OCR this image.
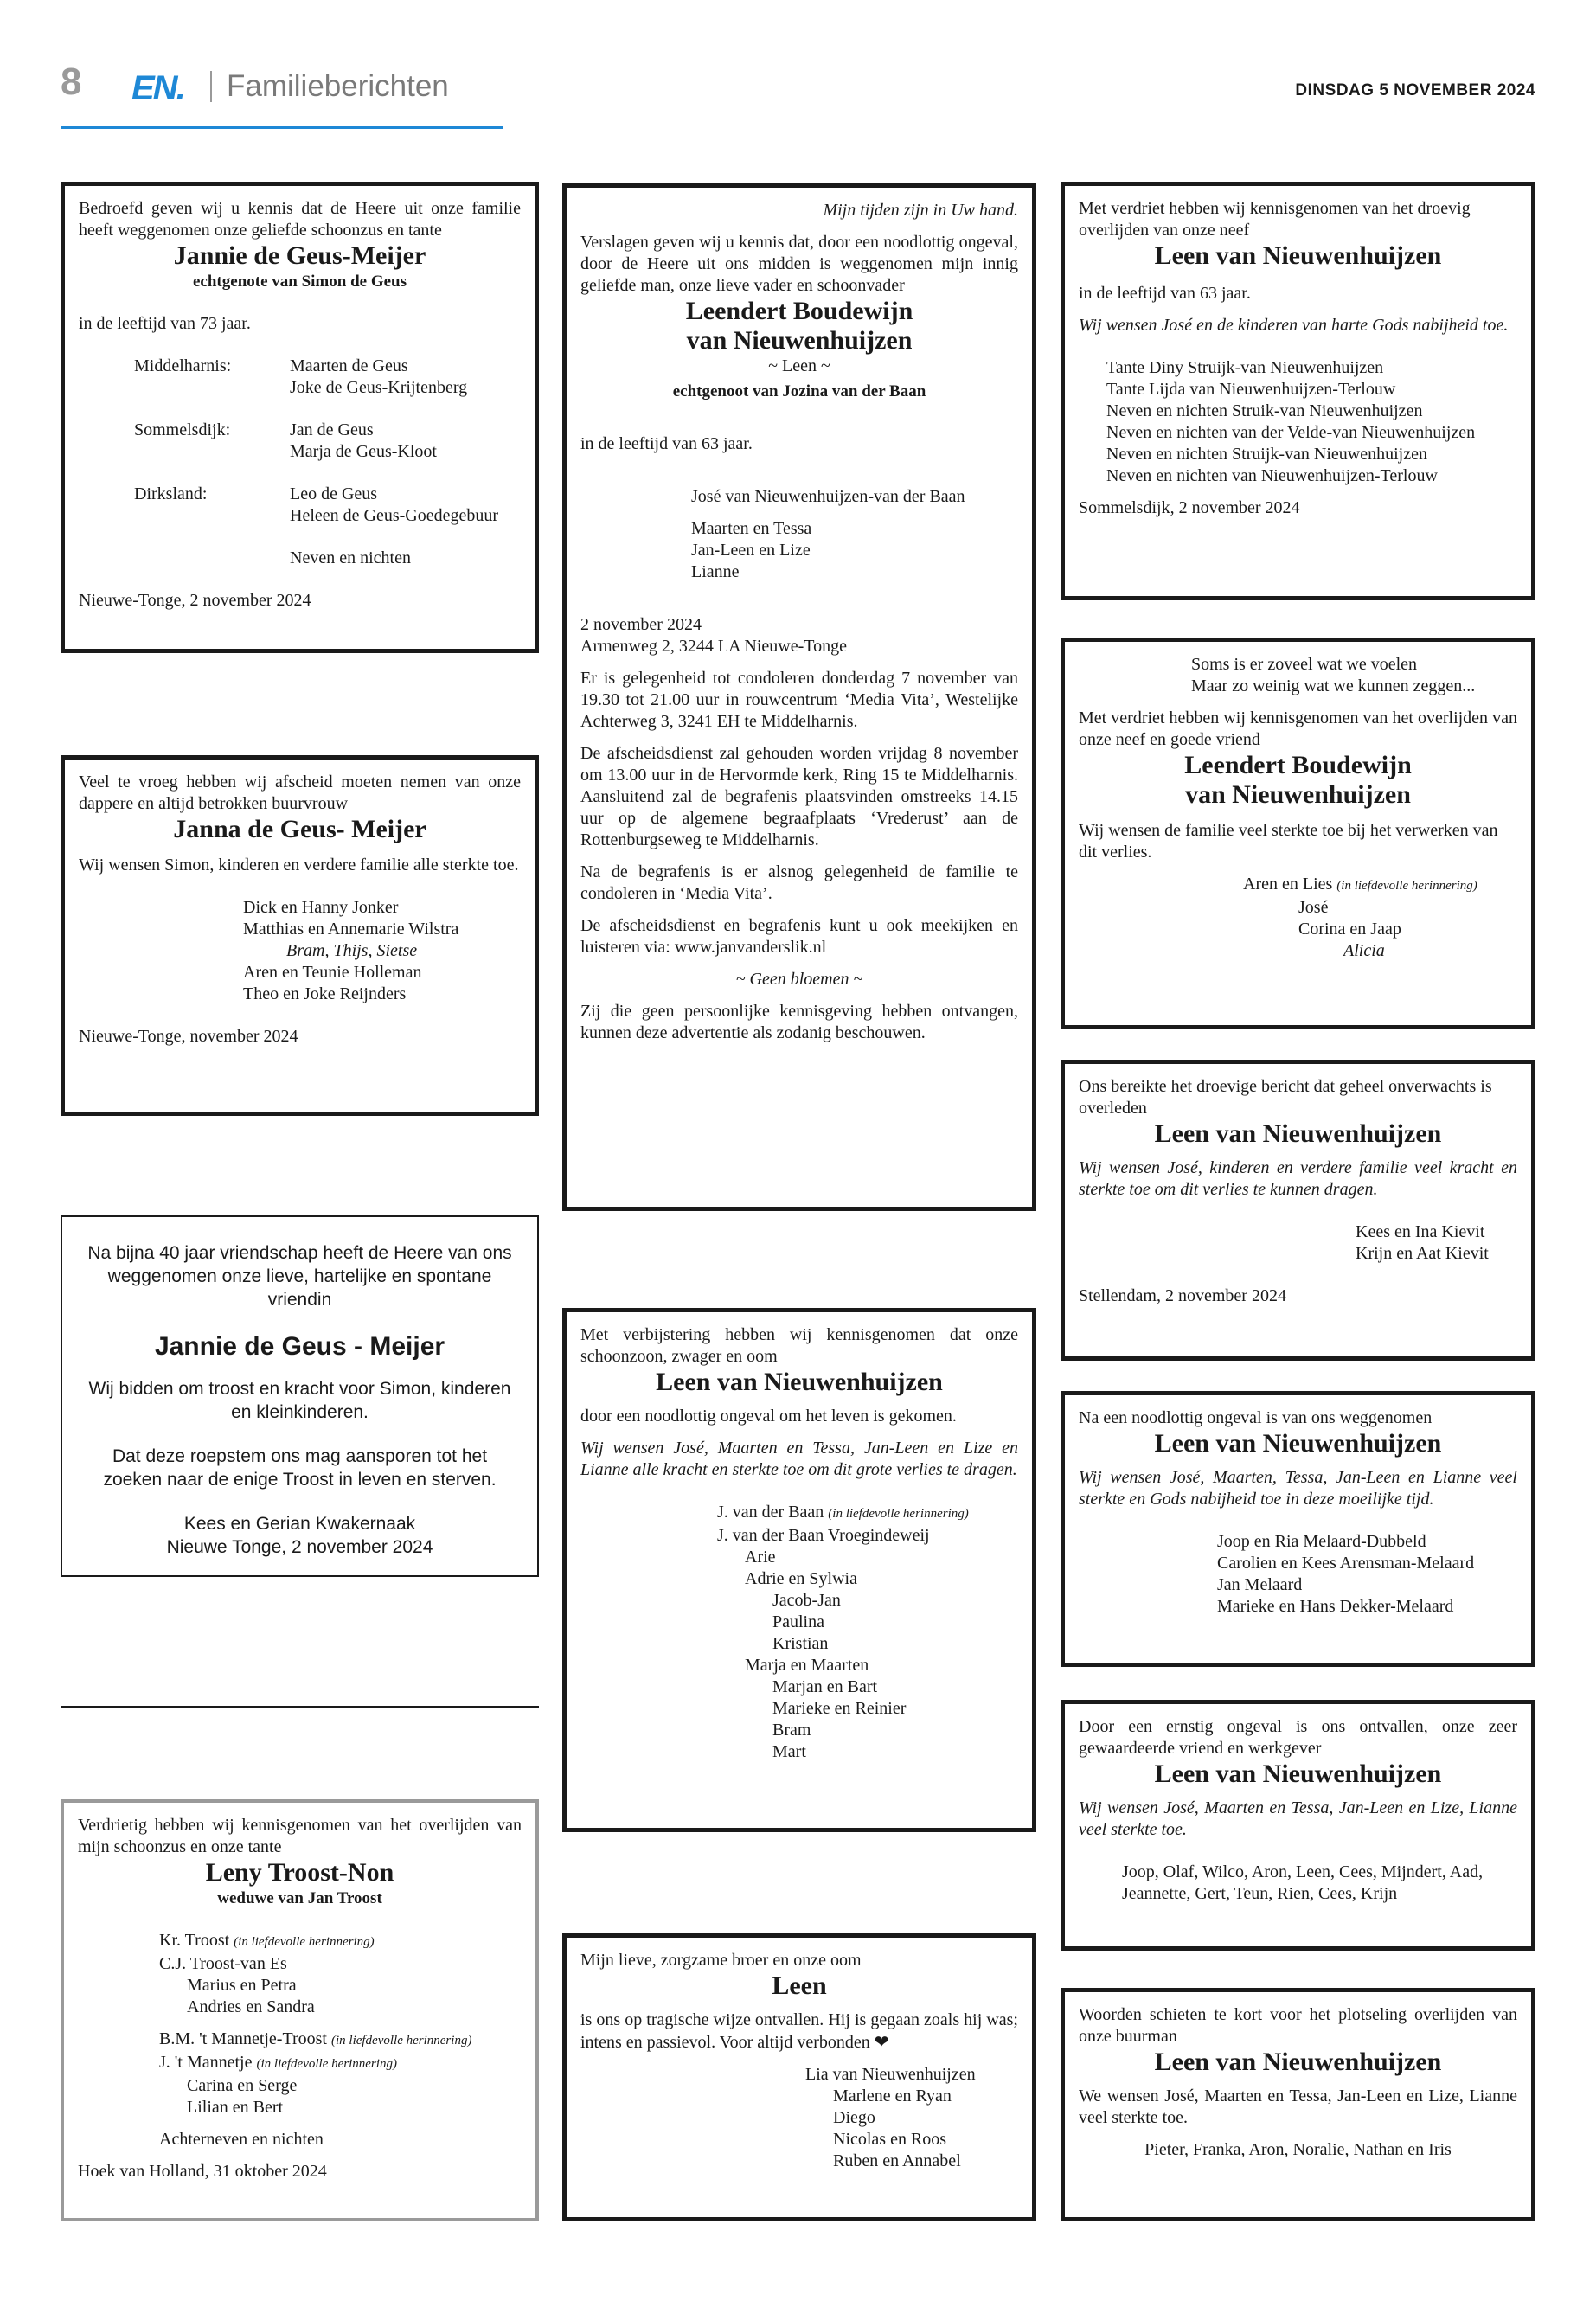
8 EN. Familieberichten	DINSDAG 5 NOVEMBER 2024

Bedroefd geven wij u kennis dat de Heere uit onze familie heeft weggenomen onze geliefde schoonzus en tante

Jannie de Geus-Meijer

echtgenote van Simon de Geus

in de leeftijd van 73 jaar.

Middelharnis:	Maarten de Geus
Joke de Geus-Krijtenberg
Sommelsdijk:	Jan de Geus
Marja de Geus-Kloot
Dirksland:	Leo de Geus
Heleen de Geus-Goedegebuur
Neven en nichten

Nieuwe-Tonge, 2 november 2024

Veel te vroeg hebben wij afscheid moeten nemen van onze dappere en altijd betrokken buurvrouw

Janna de Geus- Meijer

Wij wensen Simon, kinderen en verdere familie alle sterkte toe.

Dick en Hanny Jonker

Matthias en Annemarie Wilstra

Bram, Thijs, Sietse

Aren en Teunie Holleman

Theo en Joke Reijnders

Nieuwe-Tonge, november 2024

Na bijna 40 jaar vriendschap heeft de Heere van ons weggenomen onze lieve, hartelijke en spontane vriendin

Jannie de Geus - Meijer

Wij bidden om troost en kracht voor Simon, kinderen en kleinkinderen.

Dat deze roepstem ons mag aansporen tot het zoeken naar de enige Troost in leven en sterven.

Kees en Gerian Kwakernaak

Nieuwe Tonge, 2 november 2024

Verdrietig hebben wij kennisgenomen van het overlijden van mijn schoonzus en onze tante

Leny Troost-Non

weduwe van Jan Troost

Kr. Troost (in liefdevolle herinnering)

C.J. Troost-van Es

Marius en Petra

Andries en Sandra

B.M. 't Mannetje-Troost (in liefdevolle herinnering)

J. 't Mannetje (in liefdevolle herinnering)

Carina en Serge

Lilian en Bert

Achterneven en nichten

Hoek van Holland, 31 oktober 2024

Mijn tijden zijn in Uw hand.

Verslagen geven wij u kennis dat, door een noodlottig ongeval, door de Heere uit ons midden is weggenomen mijn innig geliefde man, onze lieve vader en schoonvader

Leendert Boudewijn

van Nieuwenhuijzen

~ Leen ~

echtgenoot van Jozina van der Baan

in de leeftijd van 63 jaar.

José van Nieuwenhuijzen-van der Baan

Maarten en Tessa

Jan-Leen en Lize

Lianne

2 november 2024

Armenweg 2, 3244 LA Nieuwe-Tonge

Er is gelegenheid tot condoleren donderdag 7 november van 19.30 tot 21.00 uur in rouwcentrum ‘Media Vita’, Westelijke Achterweg 3, 3241 EH te Middelharnis.

De afscheidsdienst zal gehouden worden vrijdag 8 november om 13.00 uur in de Hervormde kerk, Ring 15 te Middelharnis. Aansluitend zal de begrafenis plaatsvinden omstreeks 14.15 uur op de algemene begraafplaats ‘Vrederust’ aan de Rottenburgseweg te Middelharnis.

Na de begrafenis is er alsnog gelegenheid de familie te condoleren in ‘Media Vita’.

De afscheidsdienst en begrafenis kunt u ook meekijken en luisteren via: www.janvanderslik.nl

~ Geen bloemen ~

Zij die geen persoonlijke kennisgeving hebben ontvangen, kunnen deze advertentie als zodanig beschouwen.

Met verbijstering hebben wij kennisgenomen dat onze schoonzoon, zwager en oom

Leen van Nieuwenhuijzen

door een noodlottig ongeval om het leven is gekomen.

Wij wensen José, Maarten en Tessa, Jan-Leen en Lize en Lianne alle kracht en sterkte toe om dit grote verlies te dragen.

J. van der Baan (in liefdevolle herinnering)

J. van der Baan Vroegindeweij

Arie

Adrie en Sylwia

Jacob-Jan

Paulina

Kristian

Marja en Maarten

Marjan en Bart

Marieke en Reinier

Bram

Mart

Mijn lieve, zorgzame broer en onze oom

Leen

is ons op tragische wijze ontvallen. Hij is gegaan zoals hij was; intens en passievol. Voor altijd verbonden ❤

Lia van Nieuwenhuijzen

Marlene en Ryan

Diego

Nicolas en Roos

Ruben en Annabel

Met verdriet hebben wij kennisgenomen van het droevig overlijden van onze neef

Leen van Nieuwenhuijzen

in de leeftijd van 63 jaar.

Wij wensen José en de kinderen van harte Gods nabijheid toe.

Tante Diny Struijk-van Nieuwenhuijzen

Tante Lijda van Nieuwenhuijzen-Terlouw

Neven en nichten Struik-van Nieuwenhuijzen

Neven en nichten van der Velde-van Nieuwenhuijzen

Neven en nichten Struijk-van Nieuwenhuijzen

Neven en nichten van Nieuwenhuijzen-Terlouw

Sommelsdijk, 2 november 2024

Soms is er zoveel wat we voelen

Maar zo weinig wat we kunnen zeggen...

Met verdriet hebben wij kennisgenomen van het overlijden van onze neef en goede vriend

Leendert Boudewijn

van Nieuwenhuijzen

Wij wensen de familie veel sterkte toe bij het verwerken van dit verlies.

Aren en Lies (in liefdevolle herinnering)

José

Corina en Jaap

Alicia

Ons bereikte het droevige bericht dat geheel onverwachts is overleden

Leen van Nieuwenhuijzen

Wij wensen José, kinderen en verdere familie veel kracht en sterkte toe om dit verlies te kunnen dragen.

Kees en Ina Kievit

Krijn en Aat Kievit

Stellendam, 2 november 2024

Na een noodlottig ongeval is van ons weggenomen

Leen van Nieuwenhuijzen

Wij wensen José, Maarten, Tessa, Jan-Leen en Lianne veel sterkte en Gods nabijheid toe in deze moeilijke tijd.

Joop en Ria Melaard-Dubbeld

Carolien en Kees Arensman-Melaard

Jan Melaard

Marieke en Hans Dekker-Melaard

Door een ernstig ongeval is ons ontvallen, onze zeer gewaardeerde vriend en werkgever

Leen van Nieuwenhuijzen

Wij wensen José, Maarten en Tessa, Jan-Leen en Lize, Lianne veel sterkte toe.

Joop, Olaf, Wilco, Aron, Leen, Cees, Mijndert, Aad, Jeannette, Gert, Teun, Rien, Cees, Krijn

Woorden schieten te kort voor het plotseling overlijden van onze buurman

Leen van Nieuwenhuijzen

We wensen José, Maarten en Tessa, Jan-Leen en Lize, Lianne veel sterkte toe.

Pieter, Franka, Aron, Noralie, Nathan en Iris
